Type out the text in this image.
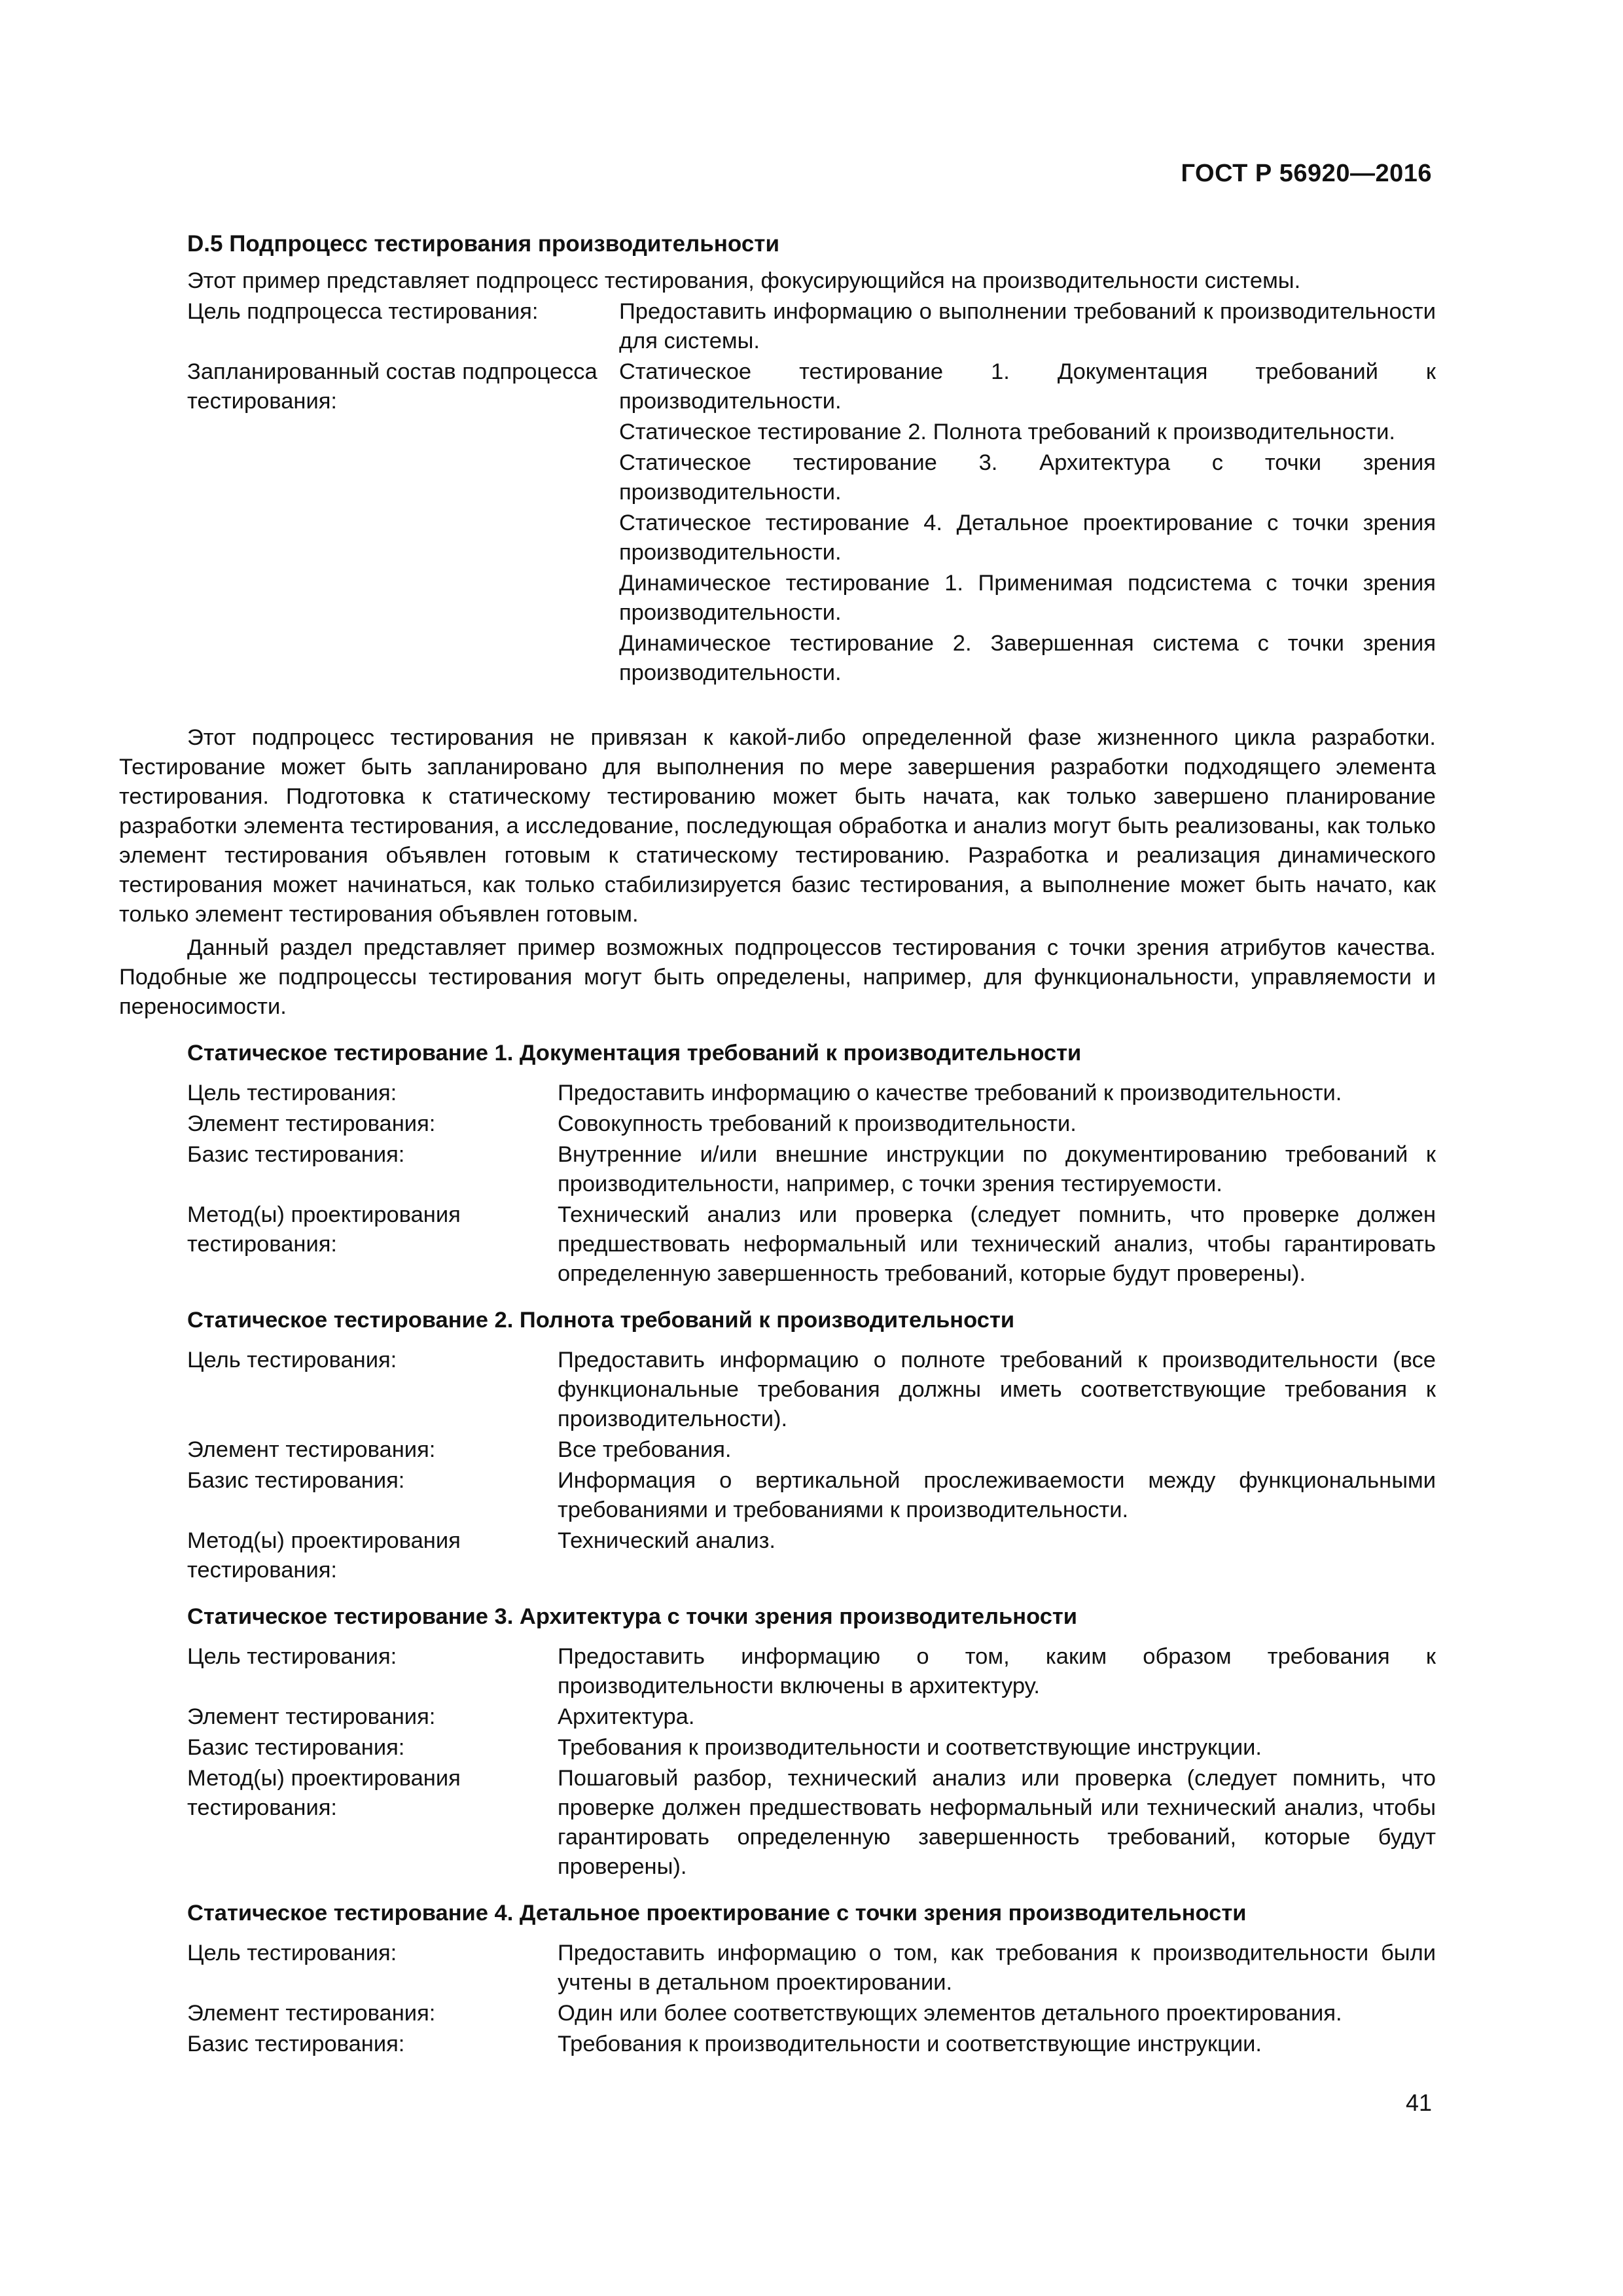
ГОСТ Р 56920—2016
D.5 Подпроцесс тестирования производительности

Этот пример представляет подпроцесс тестирования, фокусирующийся на производительности системы.

Цель подпроцесса тестирования:	Предоставить информацию о выполнении требований к производительности для системы.

Запланированный состав подпроцесса тестирования:

Статическое тестирование 1. Документация требований к производительности.

Статическое тестирование 2. Полнота требований к производительности.

Статическое тестирование 3. Архитектура с точки зрения производительности.

Статическое тестирование 4. Детальное проектирование с точки зрения производительности.

Динамическое тестирование 1. Применимая подсистема с точки зрения производительности.

Динамическое тестирование 2. Завершенная система с точки зрения производительности.

Этот подпроцесс тестирования не привязан к какой-либо определенной фазе жизненного цикла разработки. Тестирование может быть запланировано для выполнения по мере завершения разработки подходящего элемента тестирования. Подготовка к статическому тестированию может быть начата, как только завершено планирование разработки элемента тестирования, а исследование, последующая обработка и анализ могут быть реализованы, как только элемент тестирования объявлен готовым к статическому тестированию. Разработка и реализация динамического тестирования может начинаться, как только стабилизируется базис тестирования, а выполнение может быть начато, как только элемент тестирования объявлен готовым.

Данный раздел представляет пример возможных подпроцессов тестирования с точки зрения атрибутов качества. Подобные же подпроцессы тестирования могут быть определены, например, для функциональности, управляемости и переносимости.

Статическое тестирование 1. Документация требований к производительности
Цель тестирования:	Предоставить информацию о качестве требований к производительности.
Элемент тестирования:	Совокупность требований к производительности.
Базис тестирования:	Внутренние и/или внешние инструкции по документированию требований к производительности, например, с точки зрения тестируемости.
Метод(ы) проектирования тестирования:
Технический анализ или проверка (следует помнить, что проверке должен предшествовать неформальный или технический анализ, чтобы гарантировать определенную завершенность требований, которые будут проверены).
Статическое тестирование 2. Полнота требований к производительности
Цель тестирования:	Предоставить информацию о полноте требований к производительности (все функциональные требования должны иметь соответствующие требования к производительности).
Элемент тестирования:	Все требования.
Базис тестирования:	Информация о вертикальной прослеживаемости между функциональными требованиями и требованиями к производительности.
Метод(ы) проектирования тестирования:
Технический анализ.
Статическое тестирование 3. Архитектура с точки зрения производительности
Цель тестирования:	Предоставить информацию о том, каким образом требования к производительности включены в архитектуру.
Элемент тестирования:	Архитектура.
Базис тестирования:	Требования к производительности и соответствующие инструкции.
Метод(ы) проектирования тестирования:
Пошаговый разбор, технический анализ или проверка (следует помнить, что проверке должен предшествовать неформальный или технический анализ, чтобы гарантировать определенную завершенность требований, которые будут проверены).
Статическое тестирование 4. Детальное проектирование с точки зрения производительности
Цель тестирования:	Предоставить информацию о том, как требования к производительности были учтены в детальном проектировании.
Элемент тестирования:	Один или более соответствующих элементов детального проектирования.
Базис тестирования:	Требования к производительности и соответствующие инструкции.
41
